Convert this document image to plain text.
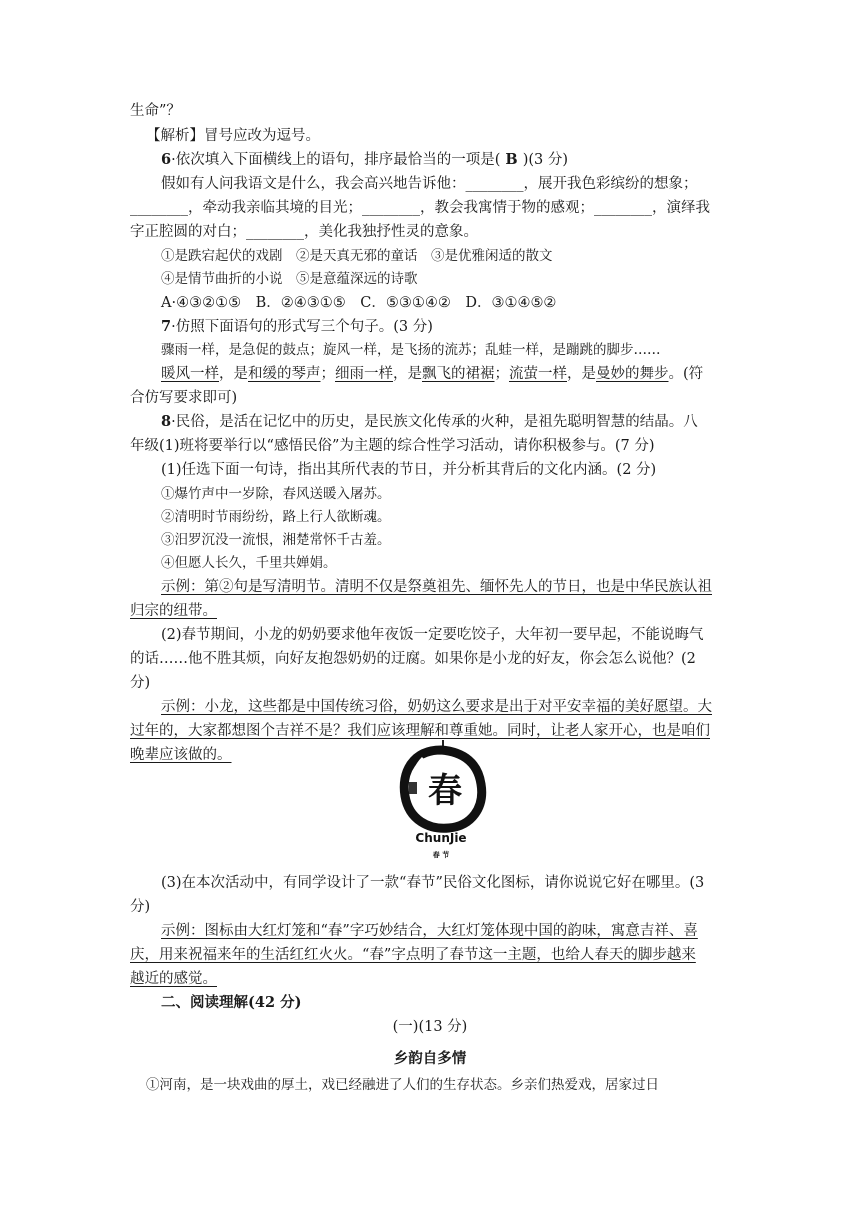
生命”？
【解析】冒号应改为逗号。
6·依次填入下面横线上的语句，排序最恰当的一项是( B )(3 分)
假如有人问我语文是什么，我会高兴地告诉他：________，展开我色彩缤纷的想象；
________，牵动我亲临其境的目光；________，教会我寓情于物的感观；________，演绎我
字正腔圆的对白；________，美化我独抒性灵的意象。
①是跌宕起伏的戏剧　②是天真无邪的童话　③是优雅闲适的散文
④是情节曲折的小说　⑤是意蕴深远的诗歌
A·④③②①⑤　B．②④③①⑤　C．⑤③①④②　D．③①④⑤②
7·仿照下面语句的形式写三个句子。(3 分)
骤雨一样，是急促的鼓点；旋风一样，是飞扬的流苏；乱蛙一样，是蹦跳的脚步……
暖风一样，是和缓的琴声；细雨一样，是飘飞的裙裾；流萤一样，是曼妙的舞步。(符
合仿写要求即可)
8·民俗，是活在记忆中的历史，是民族文化传承的火种，是祖先聪明智慧的结晶。八
年级(1)班将要举行以“感悟民俗”为主题的综合性学习活动，请你积极参与。(7 分)
(1)任选下面一句诗，指出其所代表的节日，并分析其背后的文化内涵。(2 分)
①爆竹声中一岁除，春风送暖入屠苏。
②清明时节雨纷纷，路上行人欲断魂。
③汨罗沉没一流恨，湘楚常怀千古羞。
④但愿人长久，千里共婵娟。
示例：第②句是写清明节。清明不仅是祭奠祖先、缅怀先人的节日，也是中华民族认祖
归宗的纽带。
(2)春节期间，小龙的奶奶要求他年夜饭一定要吃饺子，大年初一要早起，不能说晦气
的话……他不胜其烦，向好友抱怨奶奶的迂腐。如果你是小龙的好友，你会怎么说他？(2
分)
示例：小龙，这些都是中国传统习俗，奶奶这么要求是出于对平安幸福的美好愿望。大
过年的，大家都想图个吉祥不是？我们应该理解和尊重她。同时，让老人家开心，也是咱们
晚辈应该做的。
春
ChunJie
春 节
(3)在本次活动中，有同学设计了一款“春节”民俗文化图标，请你说说它好在哪里。(3
分)
示例：图标由大红灯笼和“春”字巧妙结合，大红灯笼体现中国的韵味，寓意吉祥、喜
庆，用来祝福来年的生活红红火火。“春”字点明了春节这一主题，也给人春天的脚步越来
越近的感觉。
二、阅读理解(42 分)
(一)(13 分)
乡韵自多情
①河南，是一块戏曲的厚土，戏已经融进了人们的生存状态。乡亲们热爱戏，居家过日
